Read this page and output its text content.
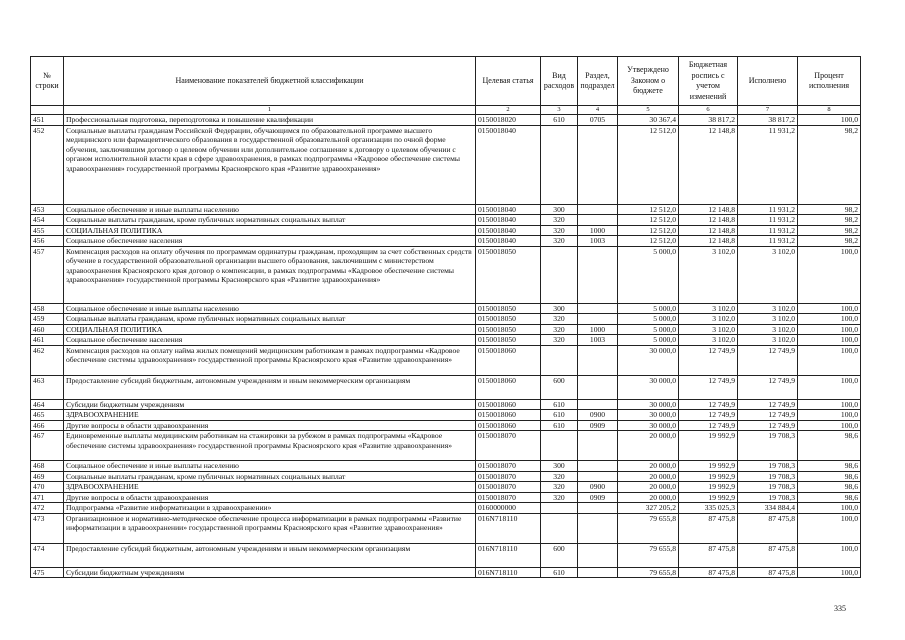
№ строки	Наименование показателей бюджетной классификации	Целевая статья	Вид расходов	Раздел, подраздел	Утверждено Законом о бюджете	Бюджетная роспись с учетом изменений	Исполнено	Процент исполнения
	1	2	3	4	5	6	7	8
451	Профессиональная подготовка, переподготовка и повышение квалификации	0150018020	610	0705	30 367,4	38 817,2	38 817,2	100,0
452	Социальные выплаты гражданам Российской Федерации, обучающимся по образовательной программе высшего медицинского или фармацевтического образования в государственной образовательной организации по очной форме обучения, заключившим договор о целевом обучении или дополнительное соглашение к договору о целевом обучении с органом исполнительной власти края в сфере здравоохранения, в рамках подпрограммы «Кадровое обеспечение системы здравоохранения» государственной программы Красноярского края «Развитие здравоохранения»	0150018040			12 512,0	12 148,8	11 931,2	98,2
453	Социальное обеспечение и иные выплаты населению	0150018040	300		12 512,0	12 148,8	11 931,2	98,2
454	Социальные выплаты гражданам, кроме публичных нормативных социальных выплат	0150018040	320		12 512,0	12 148,8	11 931,2	98,2
455	СОЦИАЛЬНАЯ ПОЛИТИКА	0150018040	320	1000	12 512,0	12 148,8	11 931,2	98,2
456	Социальное обеспечение населения	0150018040	320	1003	12 512,0	12 148,8	11 931,2	98,2
457	Компенсация расходов на оплату обучения по программам ординатуры гражданам, проходящим за счет собственных средств обучение в государственной образовательной организации высшего образования, заключившим с министерством здравоохранения Красноярского края договор о компенсации, в рамках подпрограммы «Кадровое обеспечение системы здравоохранения» государственной программы Красноярского края «Развитие здравоохранения»	0150018050			5 000,0	3 102,0	3 102,0	100,0
458	Социальное обеспечение и иные выплаты населению	0150018050	300		5 000,0	3 102,0	3 102,0	100,0
459	Социальные выплаты гражданам, кроме публичных нормативных социальных выплат	0150018050	320		5 000,0	3 102,0	3 102,0	100,0
460	СОЦИАЛЬНАЯ ПОЛИТИКА	0150018050	320	1000	5 000,0	3 102,0	3 102,0	100,0
461	Социальное обеспечение населения	0150018050	320	1003	5 000,0	3 102,0	3 102,0	100,0
462	Компенсация расходов на оплату найма жилых помещений медицинским работникам в рамках подпрограммы «Кадровое обеспечение системы здравоохранения» государственной программы Красноярского края «Развитие здравоохранения»	0150018060			30 000,0	12 749,9	12 749,9	100,0
463	Предоставление субсидий бюджетным, автономным учреждениям и иным некоммерческим организациям	0150018060	600		30 000,0	12 749,9	12 749,9	100,0
464	Субсидии бюджетным учреждениям	0150018060	610		30 000,0	12 749,9	12 749,9	100,0
465	ЗДРАВООХРАНЕНИЕ	0150018060	610	0900	30 000,0	12 749,9	12 749,9	100,0
466	Другие вопросы в области здравоохранения	0150018060	610	0909	30 000,0	12 749,9	12 749,9	100,0
467	Единовременные выплаты медицинским работникам на стажировки за рубежом в рамках подпрограммы «Кадровое обеспечение системы здравоохранения» государственной программы Красноярского края «Развитие здравоохранения»	0150018070			20 000,0	19 992,9	19 708,3	98,6
468	Социальное обеспечение и иные выплаты населению	0150018070	300		20 000,0	19 992,9	19 708,3	98,6
469	Социальные выплаты гражданам, кроме публичных нормативных социальных выплат	0150018070	320		20 000,0	19 992,9	19 708,3	98,6
470	ЗДРАВООХРАНЕНИЕ	0150018070	320	0900	20 000,0	19 992,9	19 708,3	98,6
471	Другие вопросы в области здравоохранения	0150018070	320	0909	20 000,0	19 992,9	19 708,3	98,6
472	Подпрограмма «Развитие информатизации в здравоохранении»	0160000000			327 205,2	335 025,3	334 884,4	100,0
473	Организационное и нормативно-методическое обеспечение процесса информатизации в рамках подпрограммы «Развитие информатизации в здравоохранении» государственной программы Красноярского края «Развитие здравоохранения»	016N718110			79 655,8	87 475,8	87 475,8	100,0
474	Предоставление субсидий бюджетным, автономным учреждениям и иным некоммерческим организациям	016N718110	600		79 655,8	87 475,8	87 475,8	100,0
475	Субсидии бюджетным учреждениям	016N718110	610		79 655,8	87 475,8	87 475,8	100,0
335
